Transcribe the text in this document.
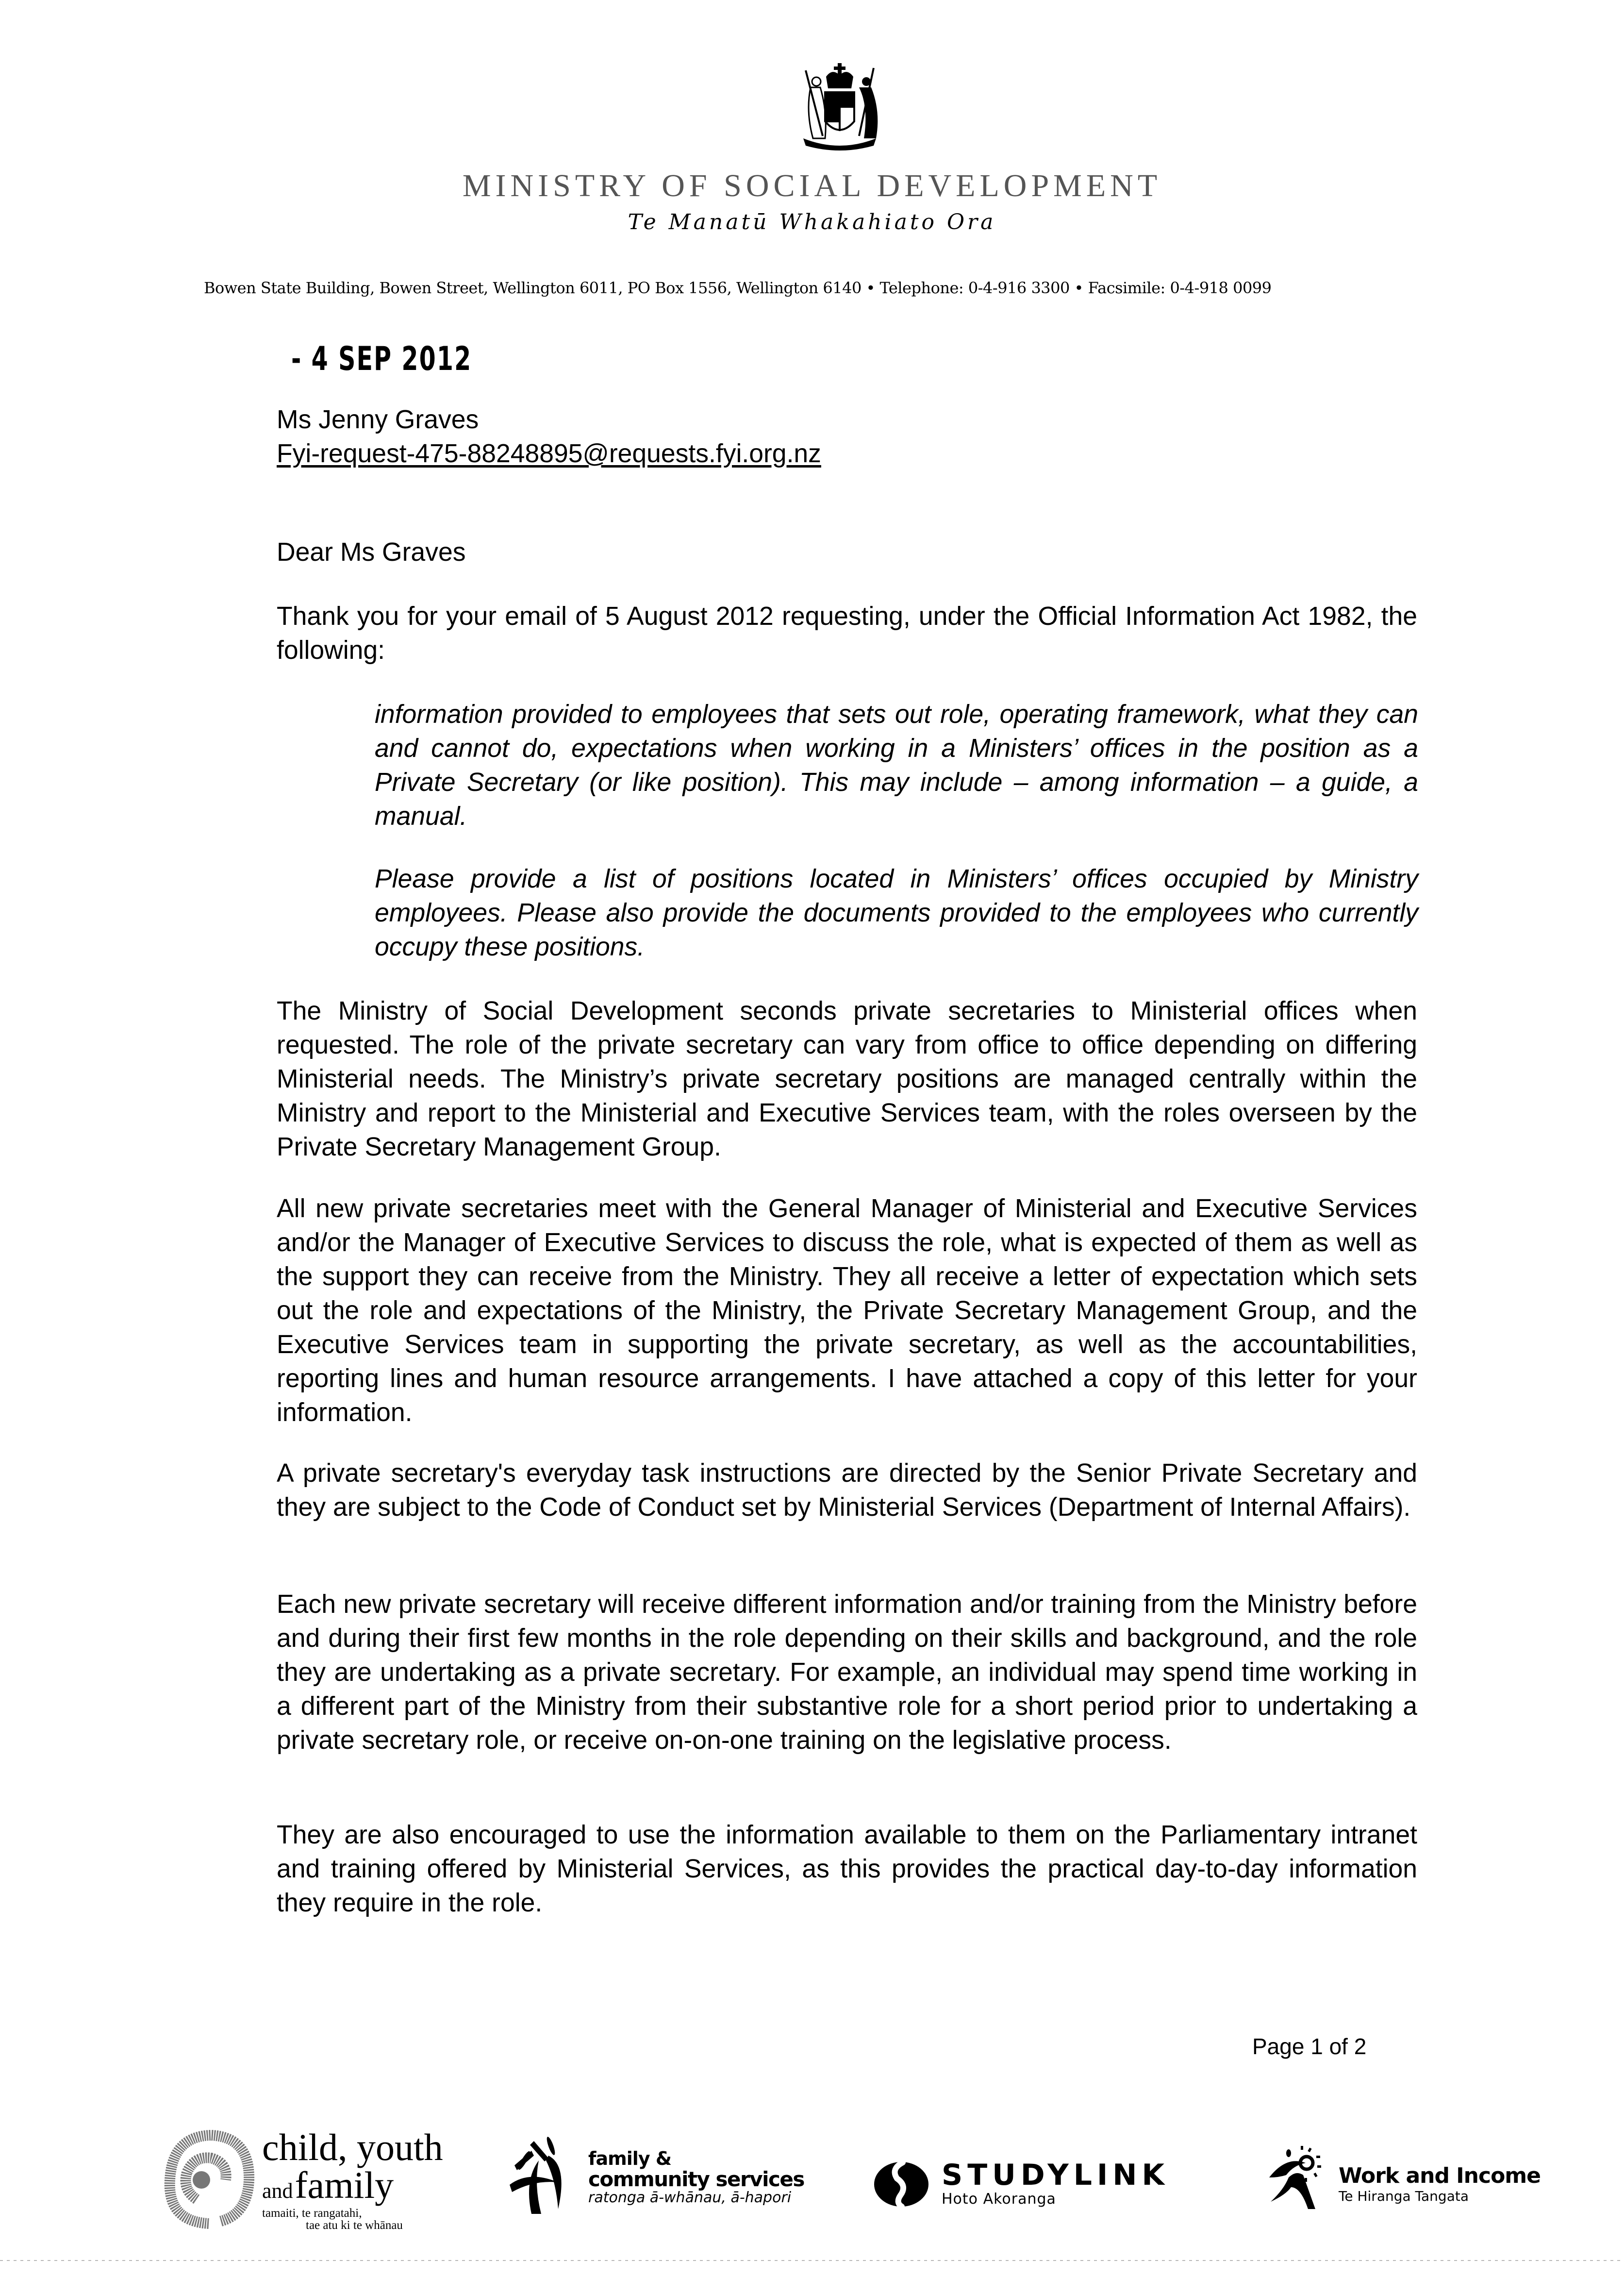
MINISTRY OF SOCIAL DEVELOPMENT
Te Manatū Whakahiato Ora
Bowen State Building, Bowen Street, Wellington 6011, PO Box 1556, Wellington 6140 • Telephone: 0-4-916 3300 • Facsimile: 0-4-918 0099
- 4 SEP 2012
Ms Jenny Graves
Fyi-request-475-88248895@requests.fyi.org.nz
Dear Ms Graves
Thank you for your email of 5 August 2012 requesting, under the Official Information Act 1982, the following:
information provided to employees that sets out role, operating framework, what they can and cannot do, expectations when working in a Ministers’ offices in the position as a Private Secretary (or like position). This may include – among information – a guide, a manual.
Please provide a list of positions located in Ministers’ offices occupied by Ministry employees. Please also provide the documents provided to the employees who currently occupy these positions.
The Ministry of Social Development seconds private secretaries to Ministerial offices when requested. The role of the private secretary can vary from office to office depending on differing Ministerial needs. The Ministry’s private secretary positions are managed centrally within the Ministry and report to the Ministerial and Executive Services team, with the roles overseen by the Private Secretary Management Group.
All new private secretaries meet with the General Manager of Ministerial and Executive Services and/or the Manager of Executive Services to discuss the role, what is expected of them as well as the support they can receive from the Ministry. They all receive a letter of expectation which sets out the role and expectations of the Ministry, the Private Secretary Management Group, and the Executive Services team in supporting the private secretary, as well as the accountabilities, reporting lines and human resource arrangements. I have attached a copy of this letter for your information.
A private secretary's everyday task instructions are directed by the Senior Private Secretary and they are subject to the Code of Conduct set by Ministerial Services (Department of Internal Affairs).
Each new private secretary will receive different information and/or training from the Ministry before and during their first few months in the role depending on their skills and background, and the role they are undertaking as a private secretary. For example, an individual may spend time working in a different part of the Ministry from their substantive role for a short period prior to undertaking a private secretary role, or receive on-on-one training on the legislative process.
They are also encouraged to use the information available to them on the Parliamentary intranet and training offered by Ministerial Services, as this provides the practical day-to-day information they require in the role.
Page 1 of 2
child, youth
and family
tamaiti, te rangatahi,
tae atu ki te whānau
family &
community services
ratonga ā-whānau, ā-hapori
STUDYLINK
Hoto Akoranga
Work and Income
Te Hiranga Tangata
